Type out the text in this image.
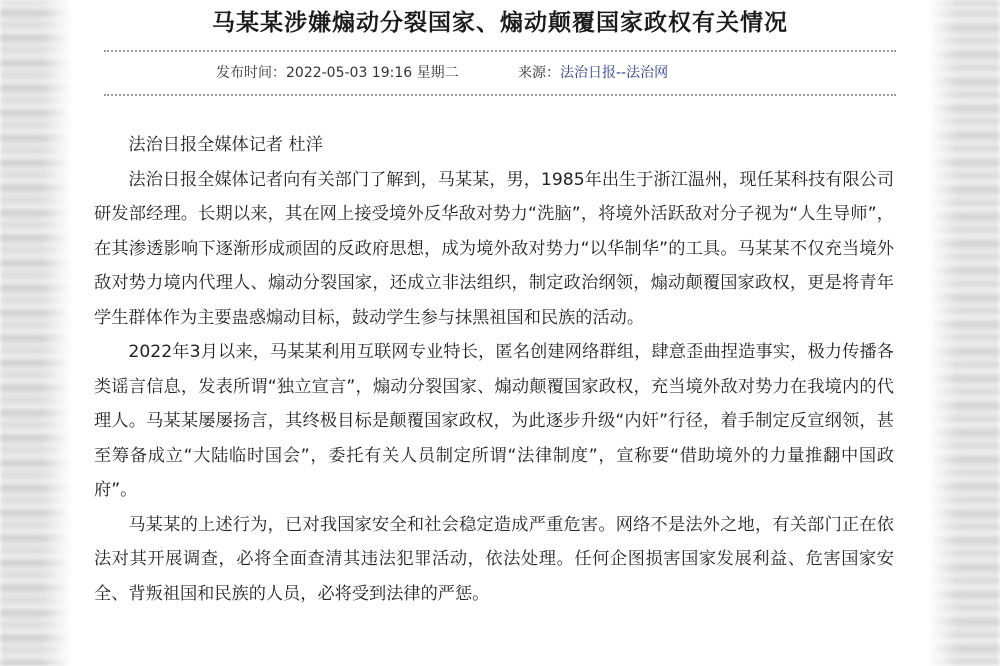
马某某涉嫌煽动分裂国家、煽动颠覆国家政权有关情况
发布时间：2022-05-03 19:16 星期二	来源：法治日报--法治网

法治日报全媒体记者 杜洋

法治日报全媒体记者向有关部门了解到，马某某，男，1985年出生于浙江温州，现任某科技有限公司研发部经理。长期以来，其在网上接受境外反华敌对势力“洗脑”，将境外活跃敌对分子视为“人生导师”，在其渗透影响下逐渐形成顽固的反政府思想，成为境外敌对势力“以华制华”的工具。马某某不仅充当境外敌对势力境内代理人、煽动分裂国家，还成立非法组织，制定政治纲领，煽动颠覆国家政权，更是将青年学生群体作为主要蛊惑煽动目标，鼓动学生参与抹黑祖国和民族的活动。

2022年3月以来，马某某利用互联网专业特长，匿名创建网络群组，肆意歪曲捏造事实，极力传播各类谣言信息，发表所谓“独立宣言”，煽动分裂国家、煽动颠覆国家政权，充当境外敌对势力在我境内的代理人。马某某屡屡扬言，其终极目标是颠覆国家政权，为此逐步升级“内奸”行径，着手制定反宣纲领，甚至筹备成立“大陆临时国会”，委托有关人员制定所谓“法律制度”，宣称要“借助境外的力量推翻中国政府”。

马某某的上述行为，已对我国家安全和社会稳定造成严重危害。网络不是法外之地，有关部门正在依法对其开展调查，必将全面查清其违法犯罪活动，依法处理。任何企图损害国家发展利益、危害国家安全、背叛祖国和民族的人员，必将受到法律的严惩。
